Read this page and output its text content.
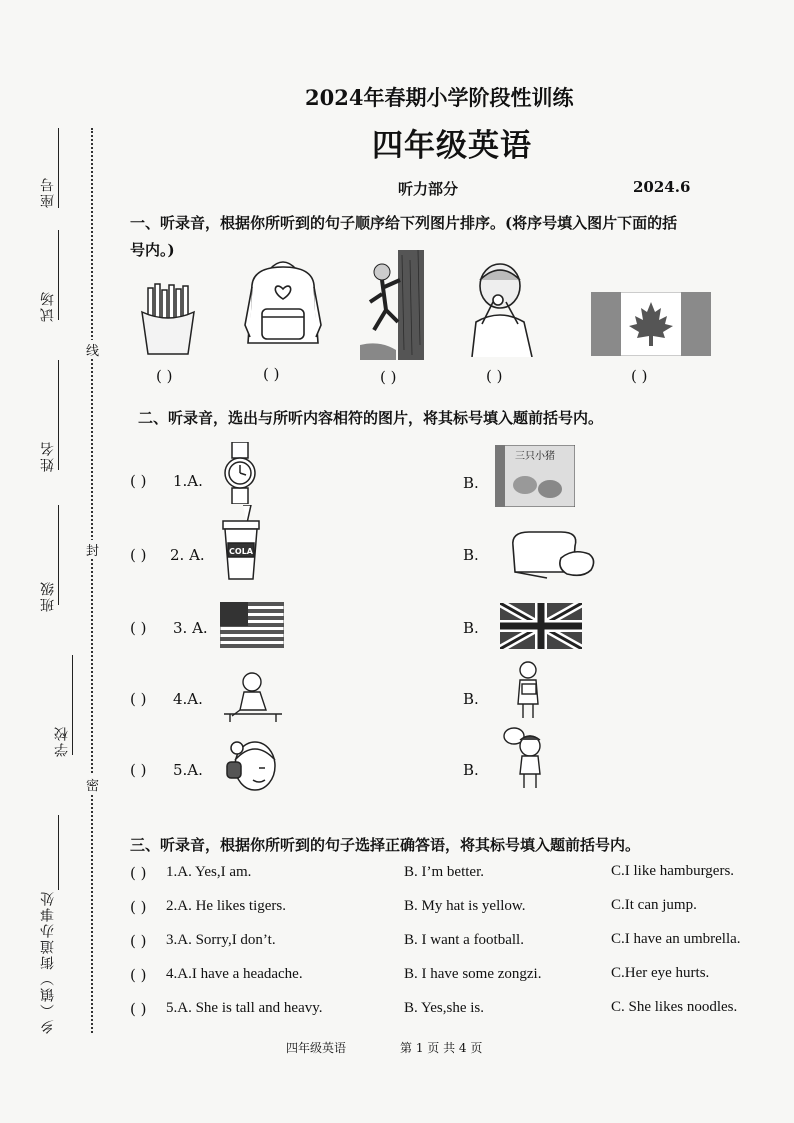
座号
试场
姓名
班级
学校
乡（镇）街道办事处
线
封
密
2024年春期小学阶段性训练
四年级英语
听力部分	2024.6
一、听录音，根据你所听到的句子顺序给下列图片排序。(将序号填入图片下面的括
号内。)
( )	( )	( )	( )	( )
二、听录音，选出与所听内容相符的图片，将其标号填入题前括号内。
( ) 1.A.	B.
三只小猪
( ) 2. A.	COLA	B.
( ) 3. A.	B.
( ) 4.A.	B.
( ) 5.A.	B.
三、听录音，根据你所听到的句子选择正确答语，将其标号填入题前括号内。
( ) 1.A. Yes,I am.	B. I’m better.	C.I like hamburgers.
( ) 2.A. He likes tigers.	B. My hat is yellow.	C.It can jump.
( ) 3.A. Sorry,I don’t.	B. I want a football.	C.I have an umbrella.
( ) 4.A.I have a headache.	B. I have some zongzi.	C.Her eye hurts.
( ) 5.A. She is tall and heavy.	B. Yes,she is.	C. She likes noodles.
四年级英语	第 1 页 共 4 页
